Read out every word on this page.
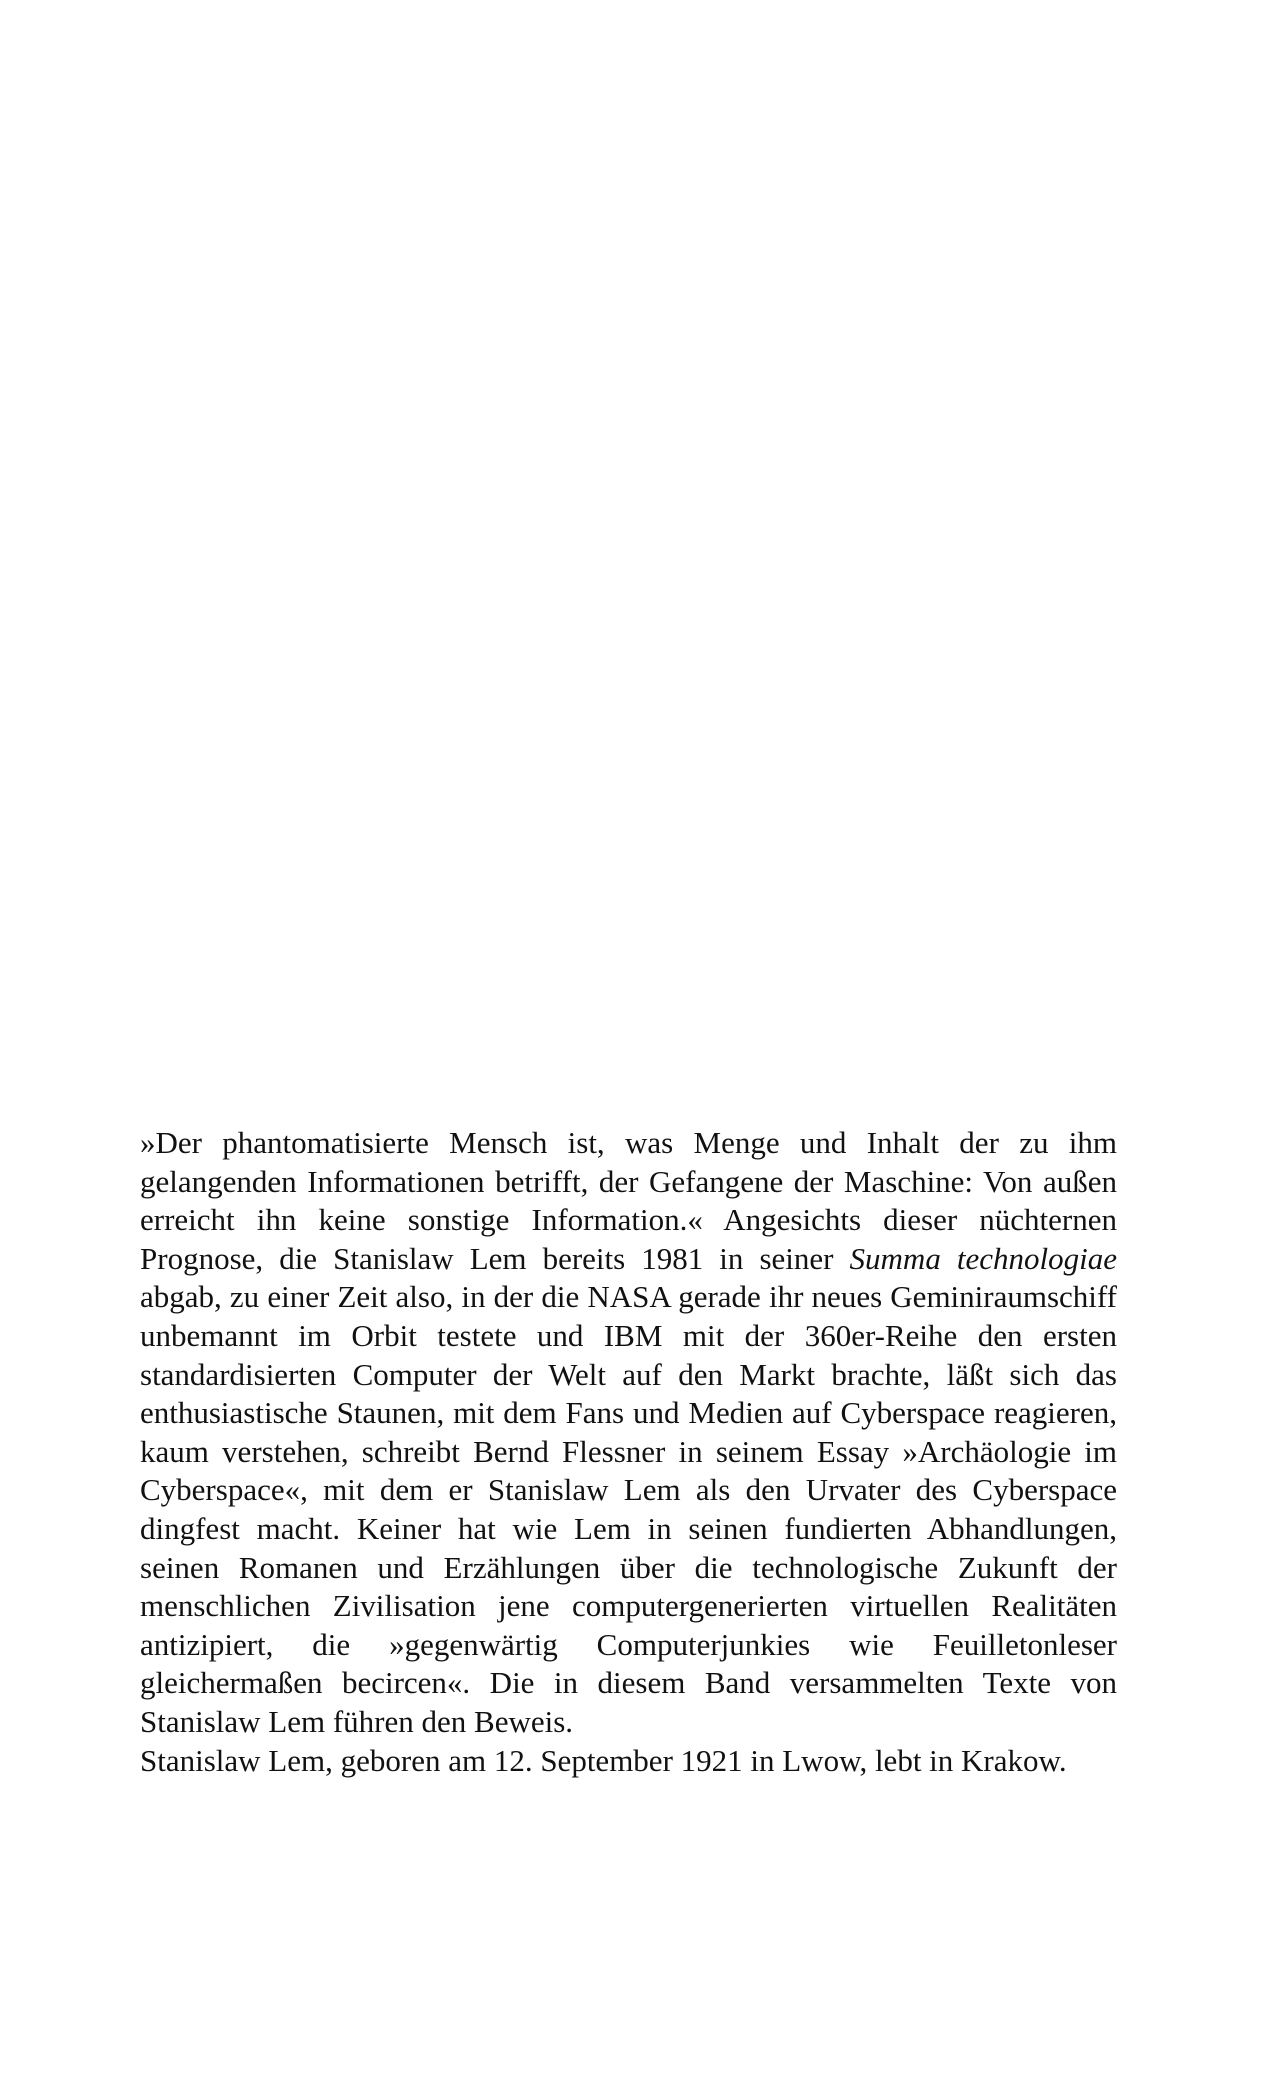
»Der phantomatisierte Mensch ist, was Menge und Inhalt der zu ihm gelangenden Informationen betrifft, der Gefangene der Maschine: Von außen erreicht ihn keine sonstige Information.« Angesichts dieser nüchternen Prognose, die Stanislaw Lem bereits 1981 in seiner Summa technologiae abgab, zu einer Zeit also, in der die NASA gerade ihr neues Geminiraumschiff unbemannt im Orbit testete und IBM mit der 360er-Reihe den ersten standardisierten Computer der Welt auf den Markt brachte, läßt sich das enthusiastische Staunen, mit dem Fans und Medien auf Cyberspace reagieren, kaum verstehen, schreibt Bernd Flessner in seinem Essay »Archäologie im Cyberspace«, mit dem er Stanislaw Lem als den Urvater des Cyberspace dingfest macht. Keiner hat wie Lem in seinen fundierten Abhandlungen, seinen Romanen und Erzählungen über die technologische Zukunft der menschlichen Zivilisation jene computergenerierten virtuellen Realitäten antizipiert, die »gegenwärtig Computerjunkies wie Feuilletonleser gleichermaßen becircen«. Die in diesem Band versammelten Texte von Stanislaw Lem führen den Beweis.

Stanislaw Lem, geboren am 12. September 1921 in Lwow, lebt in Krakow.
